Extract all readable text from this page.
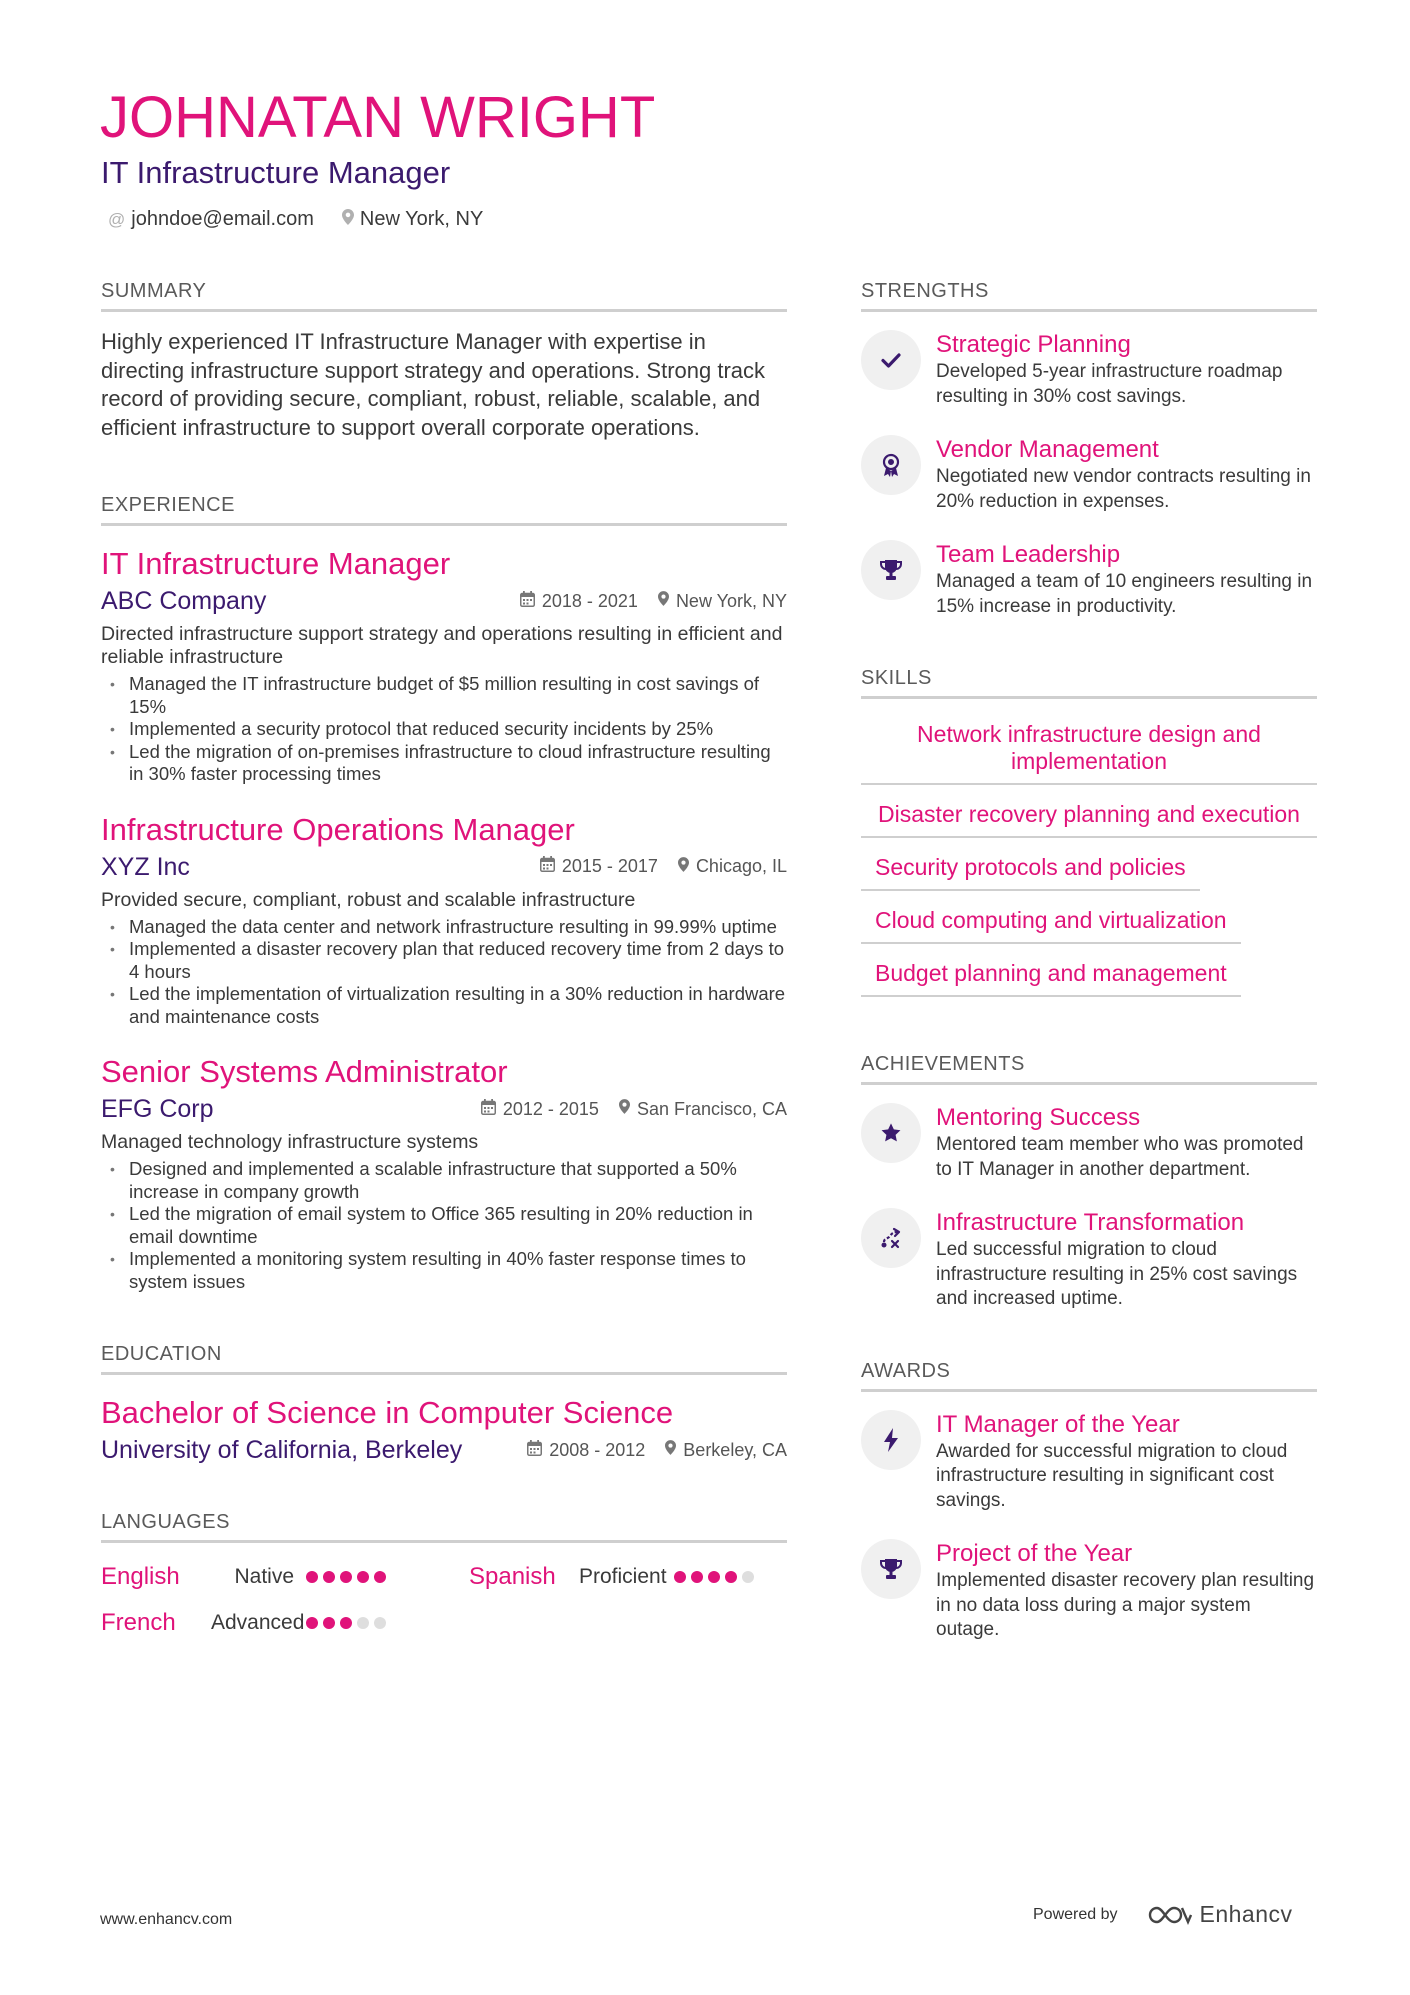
JOHNATAN WRIGHT
IT Infrastructure Manager
@ johndoe@email.com New York, NY
SUMMARY
Highly experienced IT Infrastructure Manager with expertise in directing infrastructure support strategy and operations. Strong track record of providing secure, compliant, robust, reliable, scalable, and efficient infrastructure to support overall corporate operations.
EXPERIENCE
IT Infrastructure Manager
ABC Company	2018 - 2021 New York, NY
Directed infrastructure support strategy and operations resulting in efficient and reliable infrastructure
• Managed the IT infrastructure budget of $5 million resulting in cost savings of 15%
• Implemented a security protocol that reduced security incidents by 25%
• Led the migration of on-premises infrastructure to cloud infrastructure resulting in 30% faster processing times
Infrastructure Operations Manager
XYZ Inc	2015 - 2017 Chicago, IL
Provided secure, compliant, robust and scalable infrastructure
• Managed the data center and network infrastructure resulting in 99.99% uptime
• Implemented a disaster recovery plan that reduced recovery time from 2 days to 4 hours
• Led the implementation of virtualization resulting in a 30% reduction in hardware and maintenance costs
Senior Systems Administrator
EFG Corp	2012 - 2015 San Francisco, CA
Managed technology infrastructure systems
• Designed and implemented a scalable infrastructure that supported a 50% increase in company growth
• Led the migration of email system to Office 365 resulting in 20% reduction in email downtime
• Implemented a monitoring system resulting in 40% faster response times to system issues
EDUCATION
Bachelor of Science in Computer Science
University of California, Berkeley	2008 - 2012 Berkeley, CA
LANGUAGES
English	Native	Spanish	Proficient
French	Advanced
STRENGTHS
Strategic Planning
Developed 5-year infrastructure roadmap resulting in 30% cost savings.
Vendor Management
Negotiated new vendor contracts resulting in 20% reduction in expenses.
Team Leadership
Managed a team of 10 engineers resulting in 15% increase in productivity.
SKILLS
Network infrastructure design and implementation
Disaster recovery planning and execution
Security protocols and policies
Cloud computing and virtualization
Budget planning and management
ACHIEVEMENTS
Mentoring Success
Mentored team member who was promoted to IT Manager in another department.
Infrastructure Transformation
Led successful migration to cloud infrastructure resulting in 25% cost savings and increased uptime.
AWARDS
IT Manager of the Year
Awarded for successful migration to cloud infrastructure resulting in significant cost savings.
Project of the Year
Implemented disaster recovery plan resulting in no data loss during a major system outage.
www.enhancv.com	Powered by	Enhancv
